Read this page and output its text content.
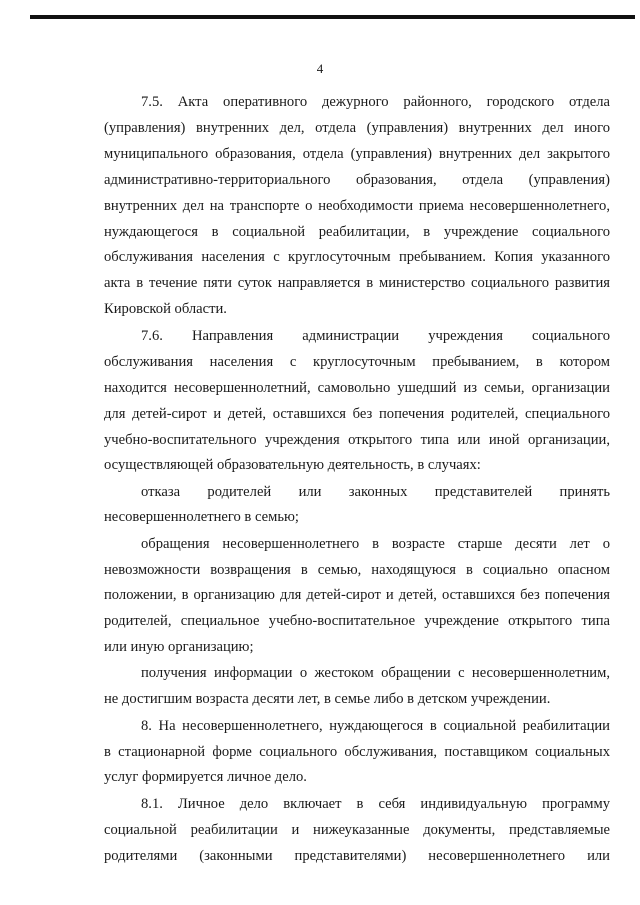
4
7.5. Акта оперативного дежурного районного, городского отдела
(управления) внутренних дел, отдела (управления) внутренних дел иного
муниципального образования, отдела (управления) внутренних дел закрытого
административно-территориального образования, отдела (управления)
внутренних дел на транспорте о необходимости приема несовершеннолетнего,
нуждающегося в социальной реабилитации, в учреждение социального
обслуживания населения с круглосуточным пребыванием. Копия указанного
акта в течение пяти суток направляется в министерство социального развития
Кировской области.
7.6. Направления администрации учреждения социального
обслуживания населения с круглосуточным пребыванием, в котором
находится несовершеннолетний, самовольно ушедший из семьи, организации
для детей-сирот и детей, оставшихся без попечения родителей, специального
учебно-воспитательного учреждения открытого типа или иной организации,
осуществляющей образовательную деятельность, в случаях:
отказа родителей или законных представителей принять
несовершеннолетнего в семью;
обращения несовершеннолетнего в возрасте старше десяти лет о
невозможности возвращения в семью, находящуюся в социально опасном
положении, в организацию для детей-сирот и детей, оставшихся без попечения
родителей, специальное учебно-воспитательное учреждение открытого типа
или иную организацию;
получения информации о жестоком обращении с несовершеннолетним,
не достигшим возраста десяти лет, в семье либо в детском учреждении.
8. На несовершеннолетнего, нуждающегося в социальной реабилитации
в стационарной форме социального обслуживания, поставщиком социальных
услуг формируется личное дело.
8.1. Личное дело включает в себя индивидуальную программу
социальной реабилитации и нижеуказанные документы, представляемые
родителями (законными представителями) несовершеннолетнего или
